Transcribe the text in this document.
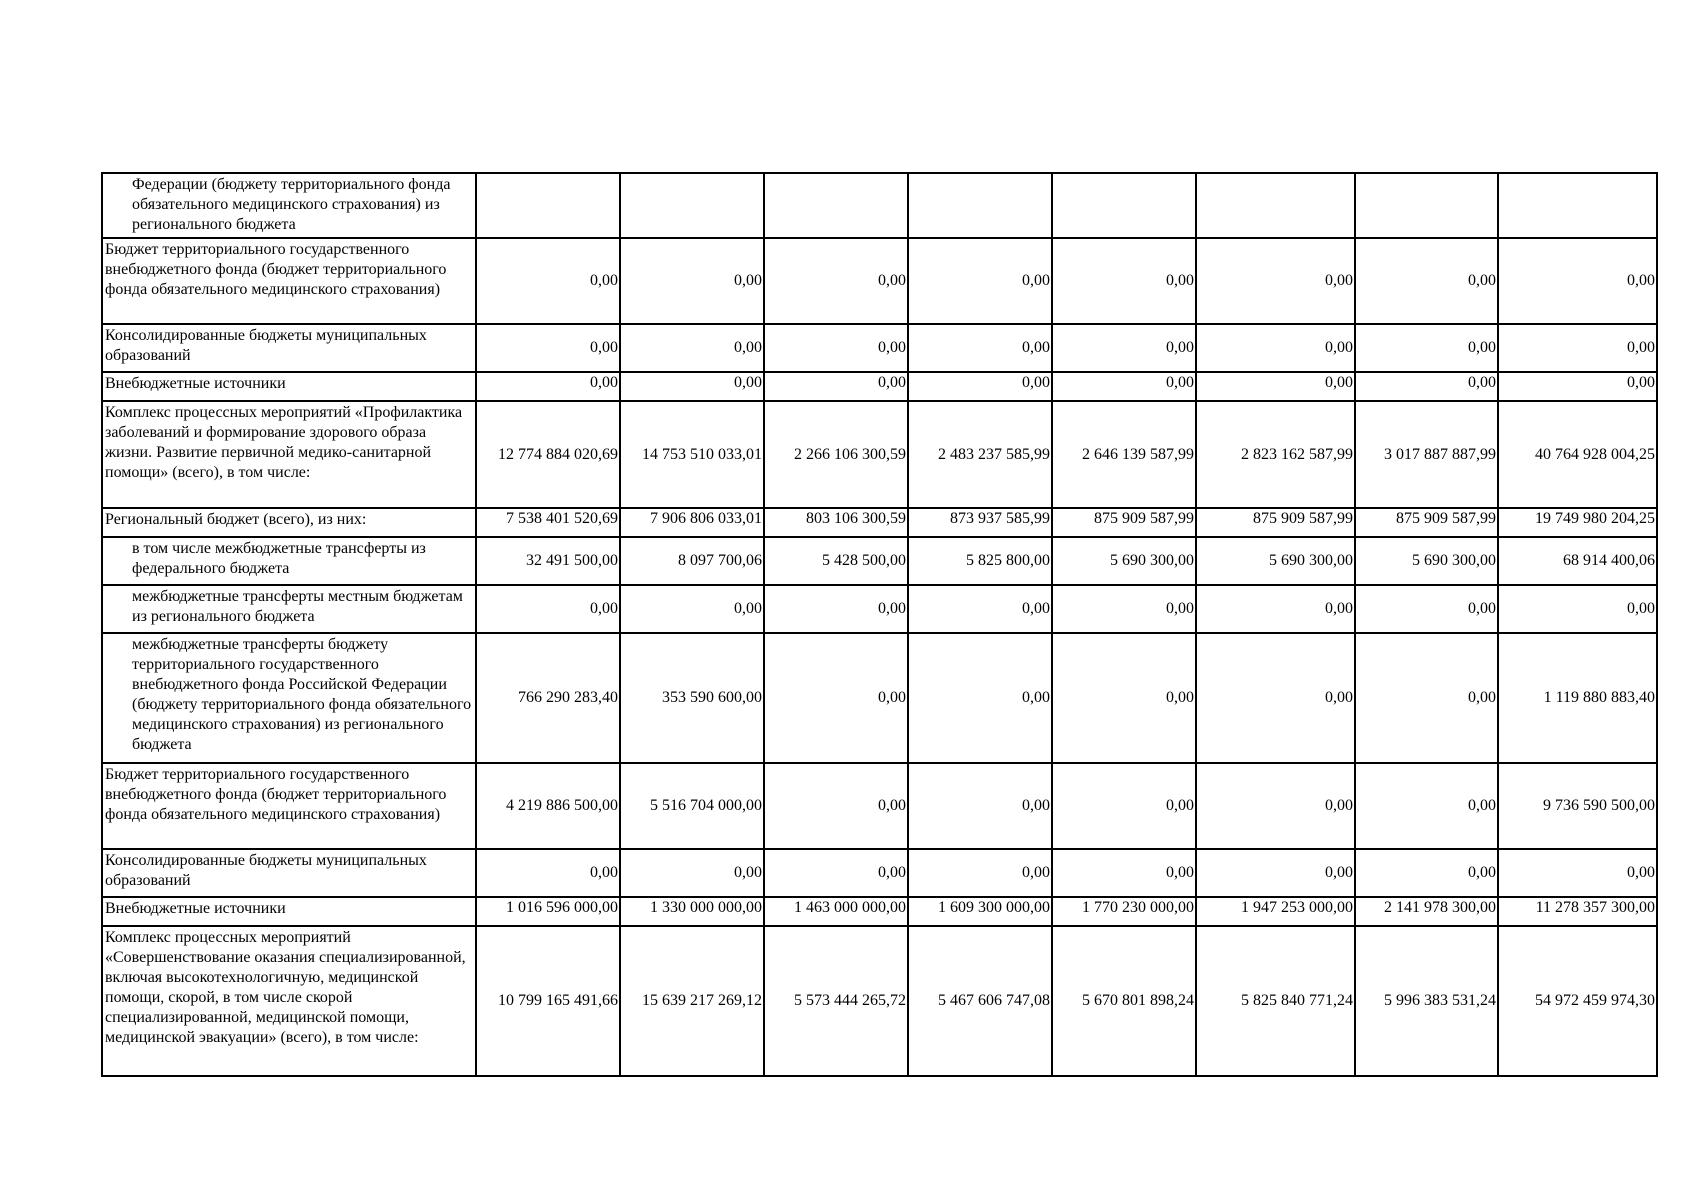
Федерации (бюджету территориального фонда обязательного медицинского страхования) из регионального бюджета								
Бюджет территориального государственного внебюджетного фонда (бюджет территориального фонда обязательного медицинского страхования)	0,00	0,00	0,00	0,00	0,00	0,00	0,00	0,00
Консолидированные бюджеты муниципальных образований	0,00	0,00	0,00	0,00	0,00	0,00	0,00	0,00
Внебюджетные источники	0,00	0,00	0,00	0,00	0,00	0,00	0,00	0,00
Комплекс процессных мероприятий «Профилактика заболеваний и формирование здорового образа жизни. Развитие первичной медико-санитарной помощи» (всего), в том числе:	12 774 884 020,69	14 753 510 033,01	2 266 106 300,59	2 483 237 585,99	2 646 139 587,99	2 823 162 587,99	3 017 887 887,99	40 764 928 004,25
Региональный бюджет (всего), из них:	7 538 401 520,69	7 906 806 033,01	803 106 300,59	873 937 585,99	875 909 587,99	875 909 587,99	875 909 587,99	19 749 980 204,25
в том числе межбюджетные трансферты из федерального бюджета	32 491 500,00	8 097 700,06	5 428 500,00	5 825 800,00	5 690 300,00	5 690 300,00	5 690 300,00	68 914 400,06
межбюджетные трансферты местным бюджетам из регионального бюджета	0,00	0,00	0,00	0,00	0,00	0,00	0,00	0,00
межбюджетные трансферты бюджету территориального государственного внебюджетного фонда Российской Федерации (бюджету территориального фонда обязательного медицинского страхования) из регионального бюджета	766 290 283,40	353 590 600,00	0,00	0,00	0,00	0,00	0,00	1 119 880 883,40
Бюджет территориального государственного внебюджетного фонда (бюджет территориального фонда обязательного медицинского страхования)	4 219 886 500,00	5 516 704 000,00	0,00	0,00	0,00	0,00	0,00	9 736 590 500,00
Консолидированные бюджеты муниципальных образований	0,00	0,00	0,00	0,00	0,00	0,00	0,00	0,00
Внебюджетные источники	1 016 596 000,00	1 330 000 000,00	1 463 000 000,00	1 609 300 000,00	1 770 230 000,00	1 947 253 000,00	2 141 978 300,00	11 278 357 300,00
Комплекс процессных мероприятий «Совершенствование оказания специализированной, включая высокотехнологичную, медицинской помощи, скорой, в том числе скорой специализированной, медицинской помощи, медицинской эвакуации» (всего), в том числе:	10 799 165 491,66	15 639 217 269,12	5 573 444 265,72	5 467 606 747,08	5 670 801 898,24	5 825 840 771,24	5 996 383 531,24	54 972 459 974,30
